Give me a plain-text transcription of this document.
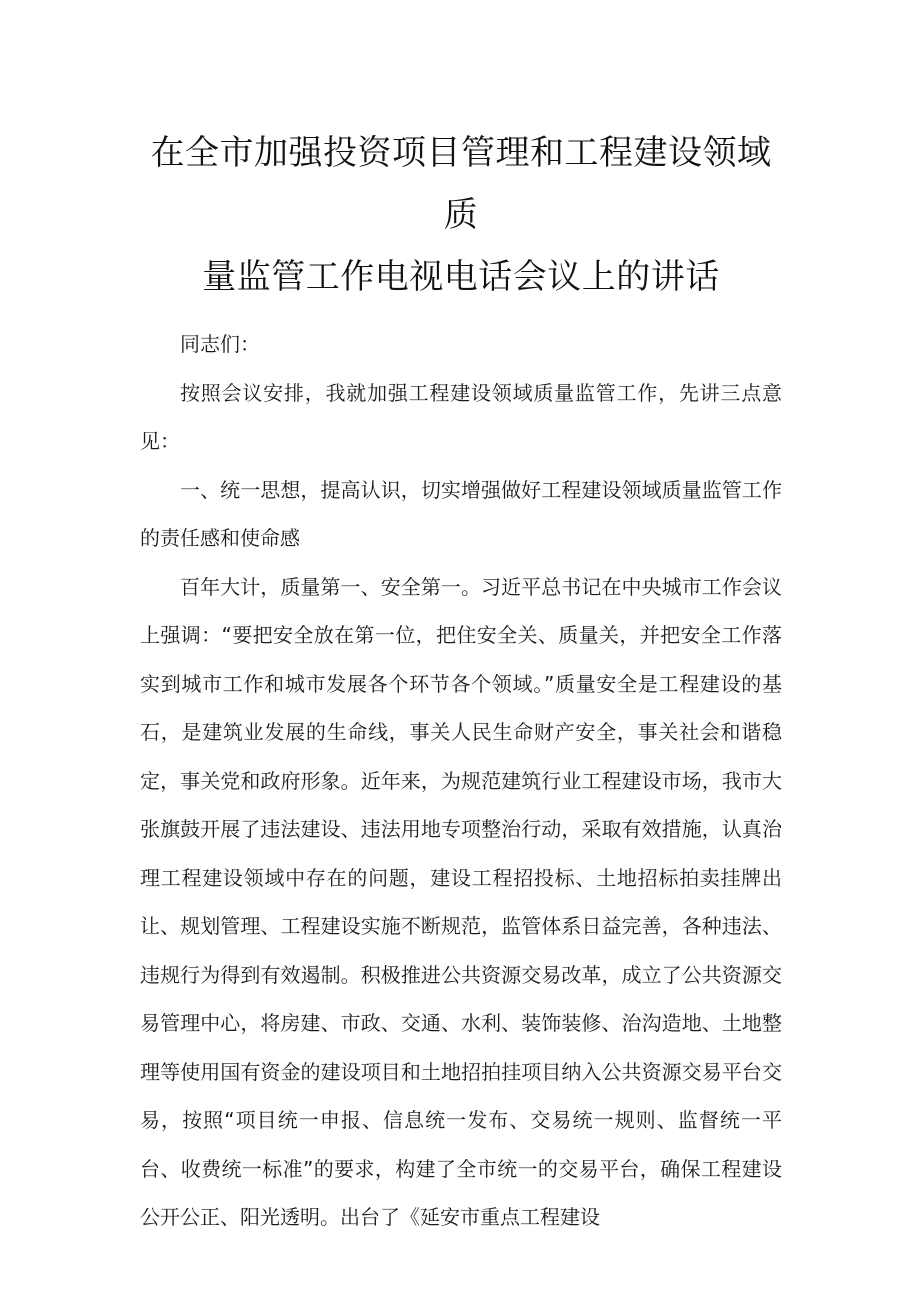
在全市加强投资项目管理和工程建设领域质
量监管工作电视电话会议上的讲话

同志们：

按照会议安排，我就加强工程建设领域质量监管工作，先讲三点意见：

一、统一思想，提高认识，切实增强做好工程建设领域质量监管工作的责任感和使命感

百年大计，质量第一、安全第一。习近平总书记在中央城市工作会议上强调：“要把安全放在第一位，把住安全关、质量关，并把安全工作落实到城市工作和城市发展各个环节各个领域。”质量安全是工程建设的基石，是建筑业发展的生命线，事关人民生命财产安全，事关社会和谐稳定，事关党和政府形象。近年来，为规范建筑行业工程建设市场，我市大张旗鼓开展了违法建设、违法用地专项整治行动，采取有效措施，认真治理工程建设领域中存在的问题，建设工程招投标、土地招标拍卖挂牌出让、规划管理、工程建设实施不断规范，监管体系日益完善，各种违法、违规行为得到有效遏制。积极推进公共资源交易改革，成立了公共资源交易管理中心，将房建、市政、交通、水利、装饰装修、治沟造地、土地整理等使用国有资金的建设项目和土地招拍挂项目纳入公共资源交易平台交易，按照“项目统一申报、信息统一发布、交易统一规则、监督统一平台、收费统一标准”的要求，构建了全市统一的交易平台，确保工程建设公开公正、阳光透明。出台了《延安市重点工程建设
